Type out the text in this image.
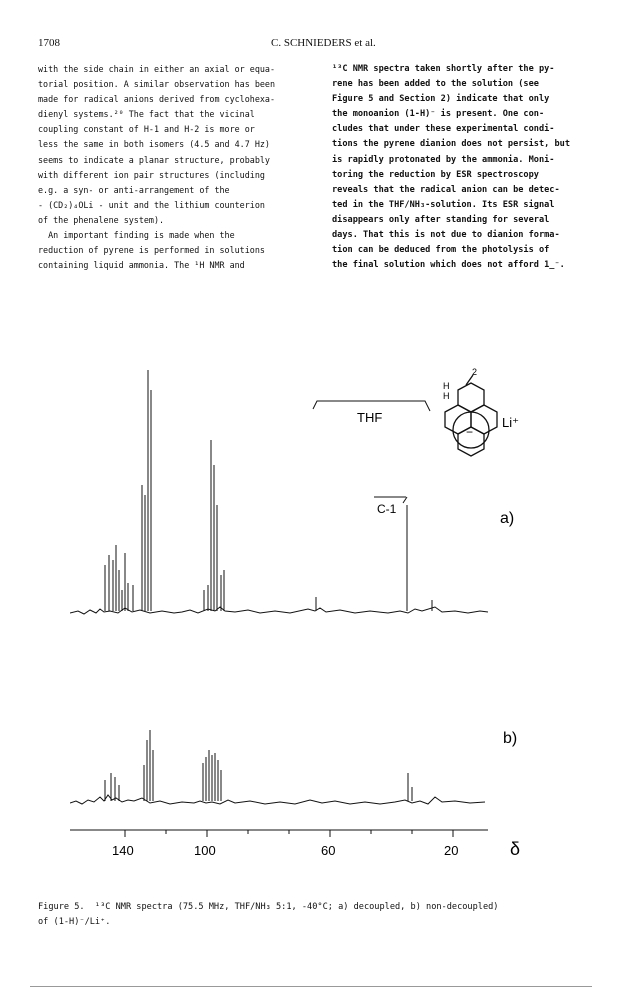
1708	C. SCHNIEDERS et al.
with the side chain in either an axial or equa-
torial position. A similar observation has been
made for radical anions derived from cyclohexa-
dienyl systems.²⁰ The fact that the vicinal
coupling constant of H-1 and H-2 is more or
less the same in both isomers (4.5 and 4.7 Hz)
seems to indicate a planar structure, probably
with different ion pair structures (including
e.g. a syn- or anti-arrangement of the
- (CD₂)₄OLi - unit and the lithium counterion
of the phenalene system).
An important finding is made when the
reduction of pyrene is performed in solutions
containing liquid ammonia. The ¹H NMR and
¹³C NMR spectra taken shortly after the py-
rene has been added to the solution (see
Figure 5 and Section 2) indicate that only
the monoanion (1-H)⁻ is present. One con-
cludes that under these experimental condi-
tions the pyrene dianion does not persist, but
is rapidly protonated by the ammonia. Moni-
toring the reduction by ESR spectroscopy
reveals that the radical anion can be detec-
ted in the THF/NH₃-solution. Its ESR signal
disappears only after standing for several
days. That this is not due to dianion forma-
tion can be deduced from the photolysis of
the final solution which does not afford 1̲⁻.
THF
C-1
a)
H
H
2
−
Li⁺
b)
140	100	60	20	δ
Figure 5.  ¹³C NMR spectra (75.5 MHz, THF/NH₃ 5:1, -40°C; a) decoupled, b) non-decoupled)
of (1-H)⁻/Li⁺.
